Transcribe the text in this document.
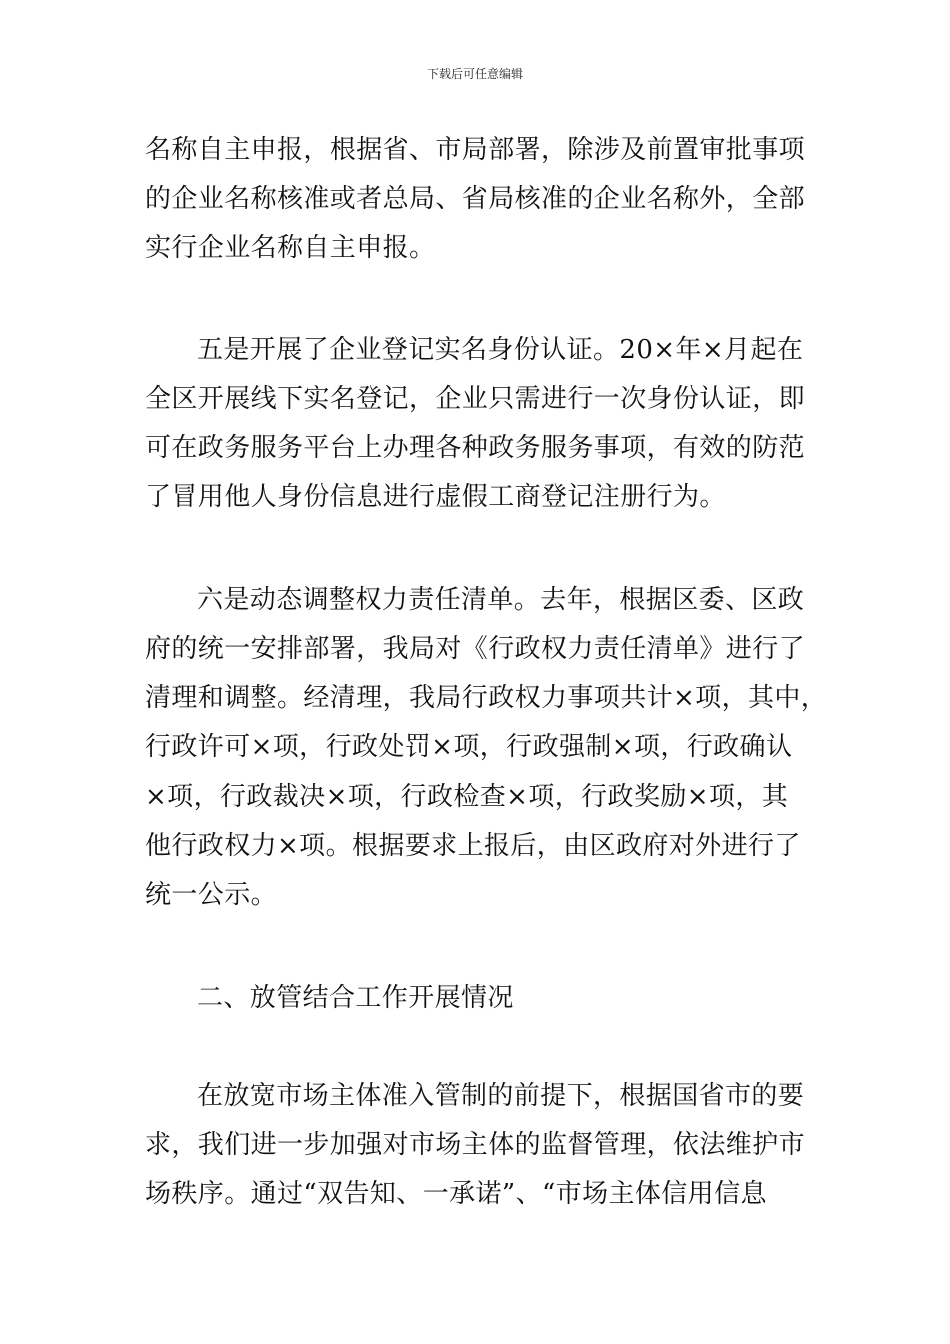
下载后可任意编辑
名称自主申报，根据省、市局部署，除涉及前置审批事项
的企业名称核准或者总局、省局核准的企业名称外，全部
实行企业名称自主申报。
五是开展了企业登记实名身份认证。20×年×月起在
全区开展线下实名登记，企业只需进行一次身份认证，即
可在政务服务平台上办理各种政务服务事项，有效的防范
了冒用他人身份信息进行虚假工商登记注册行为。
六是动态调整权力责任清单。去年，根据区委、区政
府的统一安排部署，我局对《行政权力责任清单》进行了
清理和调整。经清理，我局行政权力事项共计×项，其中，
行政许可×项，行政处罚×项，行政强制×项，行政确认
×项，行政裁决×项，行政检查×项，行政奖励×项，其
他行政权力×项。根据要求上报后，由区政府对外进行了
统一公示。
二、放管结合工作开展情况
在放宽市场主体准入管制的前提下，根据国省市的要
求，我们进一步加强对市场主体的监督管理，依法维护市
场秩序。通过“双告知、一承诺”、“市场主体信用信息
